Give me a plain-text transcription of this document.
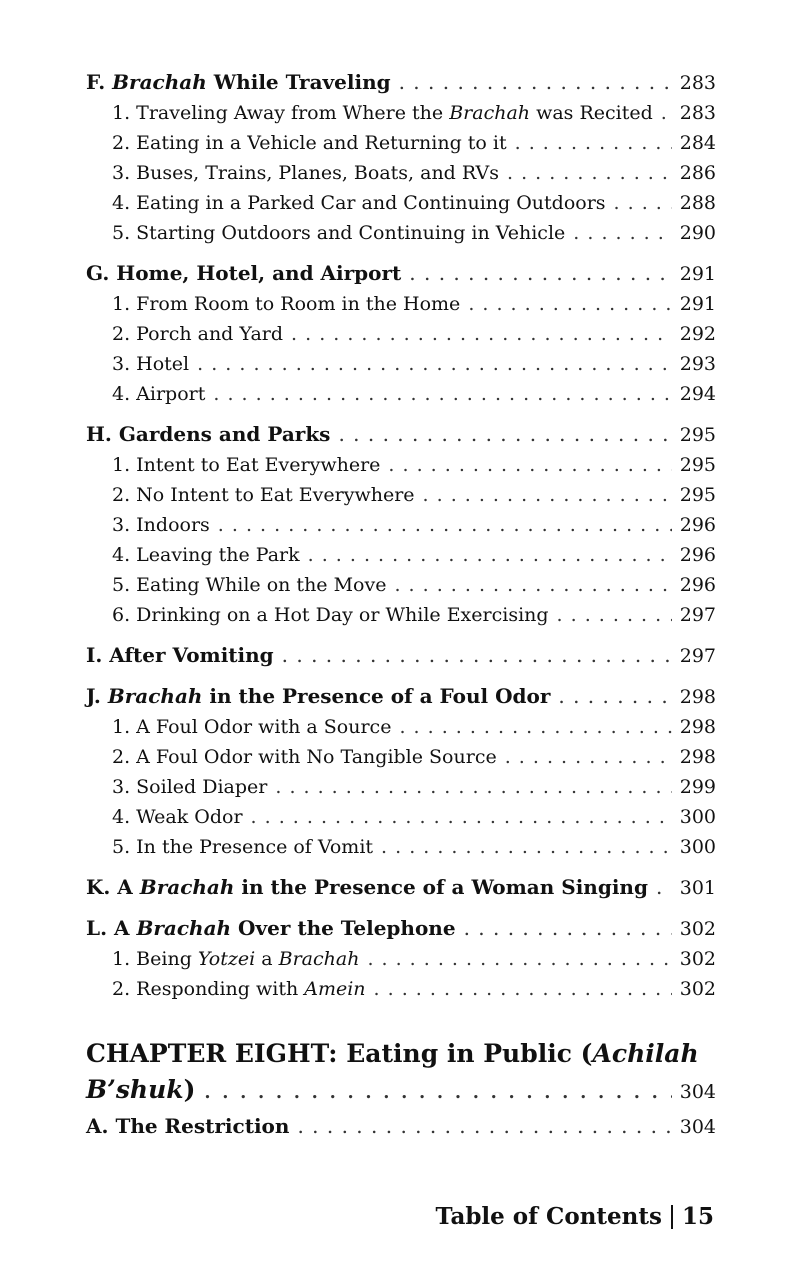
F. Brachah While Traveling . . .	283
1. Traveling Away from Where the Brachah was Recited . . .	283
2. Eating in a Vehicle and Returning to it . . .	284
3. Buses, Trains, Planes, Boats, and RVs . . .	286
4. Eating in a Parked Car and Continuing Outdoors . . .	288
5. Starting Outdoors and Continuing in Vehicle . . .	290
G. Home, Hotel, and Airport . . .	291
1. From Room to Room in the Home . . .	291
2. Porch and Yard . . .	292
3. Hotel . . .	293
4. Airport . . .	294
H. Gardens and Parks . . .	295
1. Intent to Eat Everywhere . . .	295
2. No Intent to Eat Everywhere . . .	295
3. Indoors . . .	296
4. Leaving the Park . . .	296
5. Eating While on the Move . . .	296
6. Drinking on a Hot Day or While Exercising . . .	297
I. After Vomiting . . .	297
J. Brachah in the Presence of a Foul Odor . . .	298
1. A Foul Odor with a Source . . .	298
2. A Foul Odor with No Tangible Source . . .	298
3. Soiled Diaper . . .	299
4. Weak Odor . . .	300
5. In the Presence of Vomit . . .	300
K. A Brachah in the Presence of a Woman Singing . . .	301
L. A Brachah Over the Telephone . . .	302
1. Being Yotzei a Brachah . . .	302
2. Responding with Amein . . .	302
CHAPTER EIGHT: Eating in Public (Achilah
B’shuk) . . .	304
A. The Restriction . . .	304
Table of Contents 15
